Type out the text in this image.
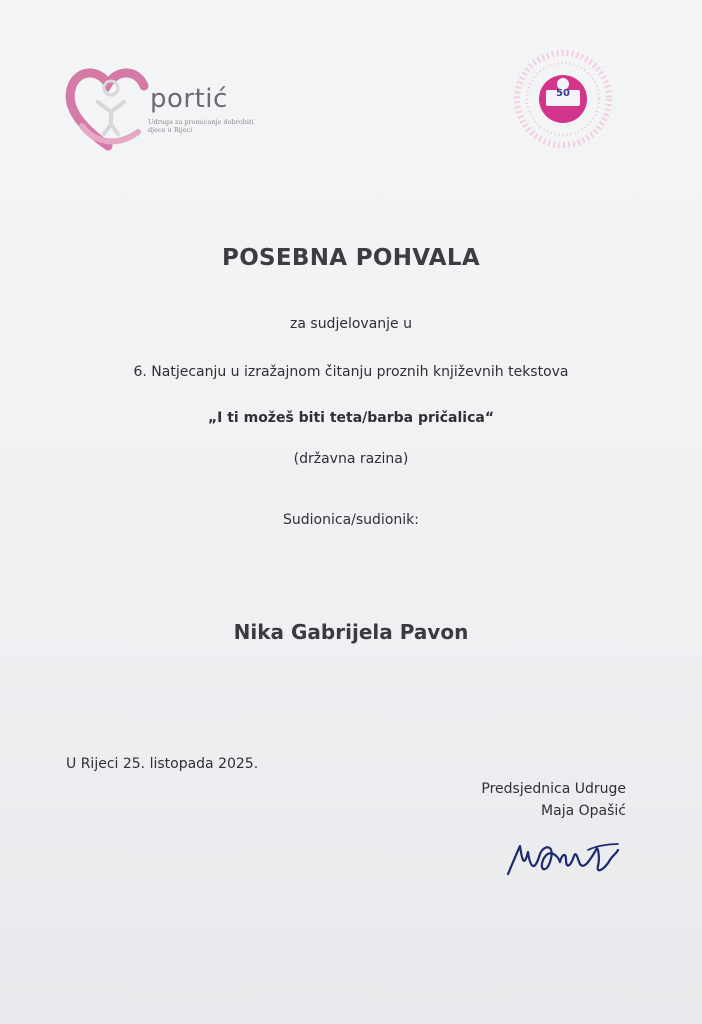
portić
Udruga za promicanje dobrobiti djece u Rijeci
50
POSEBNA POHVALA
za sudjelovanje u
6. Natjecanju u izražajnom čitanju proznih književnih tekstova
„I ti možeš biti teta/barba pričalica“
(državna razina)
Sudionica/sudionik:
Nika Gabrijela Pavon
U Rijeci 25. listopada 2025.
Predsjednica Udruge
Maja Opašić
